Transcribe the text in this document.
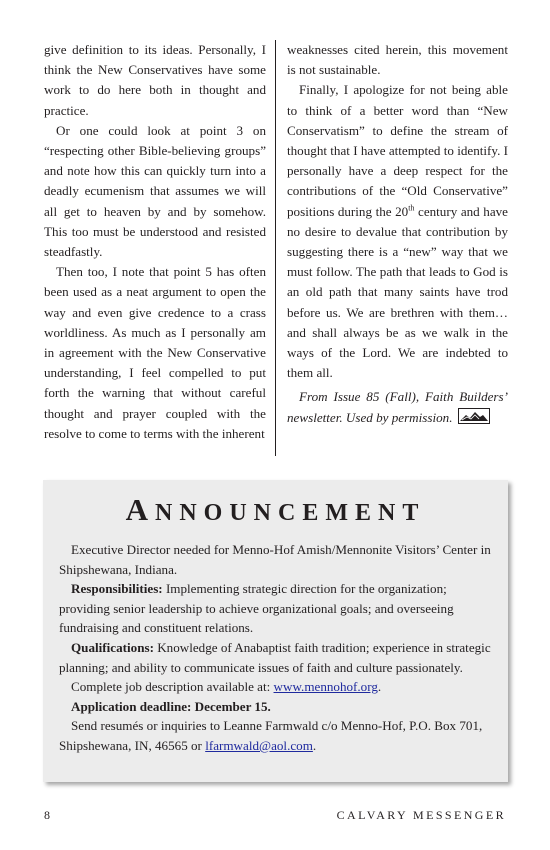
give definition to its ideas. Personally, I think the New Conservatives have some work to do here both in thought and practice.

Or one could look at point 3 on “respecting other Bible-believing groups” and note how this can quickly turn into a deadly ecumenism that assumes we will all get to heaven by and by somehow. This too must be understood and resisted steadfastly.

Then too, I note that point 5 has often been used as a neat argument to open the way and even give credence to a crass worldliness. As much as I personally am in agreement with the New Conservative understanding, I feel compelled to put forth the warning that without careful thought and prayer coupled with the resolve to come to terms with the inherent

weaknesses cited herein, this movement is not sustainable.

Finally, I apologize for not being able to think of a better word than “New Conservatism” to define the stream of thought that I have attempted to identify. I personally have a deep respect for the contributions of the “Old Conservative” positions during the 20th century and have no desire to devalue that contribution by suggesting there is a “new” way that we must follow. The path that leads to God is an old path that many saints have trod before us. We are brethren with them…and shall always be as we walk in the ways of the Lord. We are indebted to them all.

From Issue 85 (Fall), Faith Builders’ newsletter. Used by permission.

ANNOUNCEMENT

Executive Director needed for Menno-Hof Amish/Mennonite Visitors’ Center in Shipshewana, Indiana.

Responsibilities: Implementing strategic direction for the organization; providing senior leadership to achieve organizational goals; and overseeing fundraising and constituent relations.

Qualifications: Knowledge of Anabaptist faith tradition; experience in strategic planning; and ability to communicate issues of faith and culture passionately.

Complete job description available at: www.mennohof.org.

Application deadline: December 15.

Send resumés or inquiries to Leanne Farmwald c/o Menno-Hof, P.O. Box 701, Shipshewana, IN, 46565 or lfarmwald@aol.com.

8	CALVARY MESSENGER
